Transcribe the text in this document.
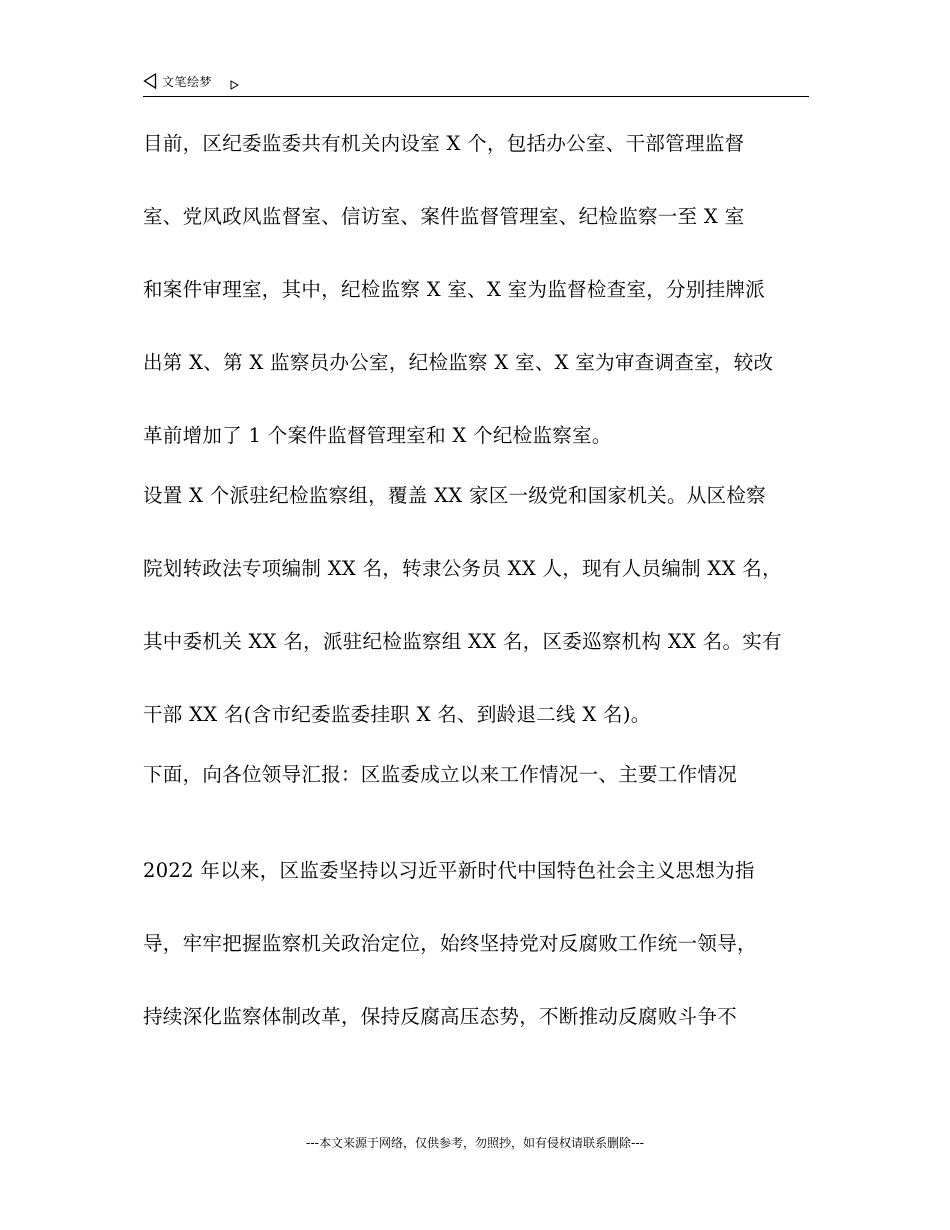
文笔绘梦
目前，区纪委监委共有机关内设室 X 个，包括办公室、干部管理监督
室、党风政风监督室、信访室、案件监督管理室、纪检监察一至 X 室
和案件审理室，其中，纪检监察 X 室、X 室为监督检查室，分别挂牌派
出第 X、第 X 监察员办公室，纪检监察 X 室、X 室为审查调查室，较改
革前增加了 1 个案件监督管理室和 X 个纪检监察室。
设置 X 个派驻纪检监察组，覆盖 XX 家区一级党和国家机关。从区检察
院划转政法专项编制 XX 名，转隶公务员 XX 人，现有人员编制 XX 名，
其中委机关 XX 名，派驻纪检监察组 XX 名，区委巡察机构 XX 名。实有
干部 XX 名(含市纪委监委挂职 X 名、到龄退二线 X 名)。
下面，向各位领导汇报：区监委成立以来工作情况一、主要工作情况
2022 年以来，区监委坚持以习近平新时代中国特色社会主义思想为指
导，牢牢把握监察机关政治定位，始终坚持党对反腐败工作统一领导，
持续深化监察体制改革，保持反腐高压态势，不断推动反腐败斗争不
---本文来源于网络，仅供参考，勿照抄，如有侵权请联系删除---
